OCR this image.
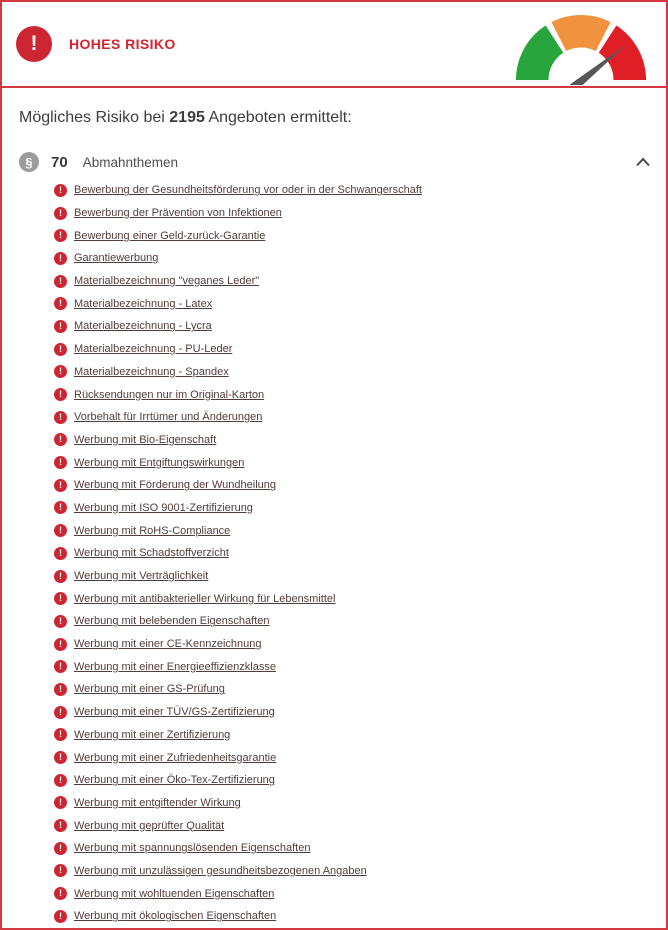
! HOHES RISIKO

Mögliches Risiko bei 2195 Angeboten ermittelt:

§ 70 Abmahnthemen
!	Bewerbung der Gesundheitsförderung vor oder in der Schwangerschaft
!	Bewerbung der Prävention von Infektionen
!	Bewerbung einer Geld-zurück-Garantie
!	Garantiewerbung
!	Materialbezeichnung "veganes Leder"
!	Materialbezeichnung - Latex
!	Materialbezeichnung - Lycra
!	Materialbezeichnung - PU-Leder
!	Materialbezeichnung - Spandex
!	Rücksendungen nur im Original-Karton
!	Vorbehalt für Irrtümer und Änderungen
!	Werbung mit Bio-Eigenschaft
!	Werbung mit Entgiftungswirkungen
!	Werbung mit Förderung der Wundheilung
!	Werbung mit ISO 9001-Zertifizierung
!	Werbung mit RoHS-Compliance
!	Werbung mit Schadstoffverzicht
!	Werbung mit Verträglichkeit
!	Werbung mit antibakterieller Wirkung für Lebensmittel
!	Werbung mit belebenden Eigenschaften
!	Werbung mit einer CE-Kennzeichnung
!	Werbung mit einer Energieeffizienzklasse
!	Werbung mit einer GS-Prüfung
!	Werbung mit einer TÜV/GS-Zertifizierung
!	Werbung mit einer Zertifizierung
!	Werbung mit einer Zufriedenheitsgarantie
!	Werbung mit einer Öko-Tex-Zertifizierung
!	Werbung mit entgiftender Wirkung
!	Werbung mit geprüfter Qualität
!	Werbung mit spannungslösenden Eigenschaften
!	Werbung mit unzulässigen gesundheitsbezogenen Angaben
!	Werbung mit wohltuenden Eigenschaften
!	Werbung mit ökologischen Eigenschaften
